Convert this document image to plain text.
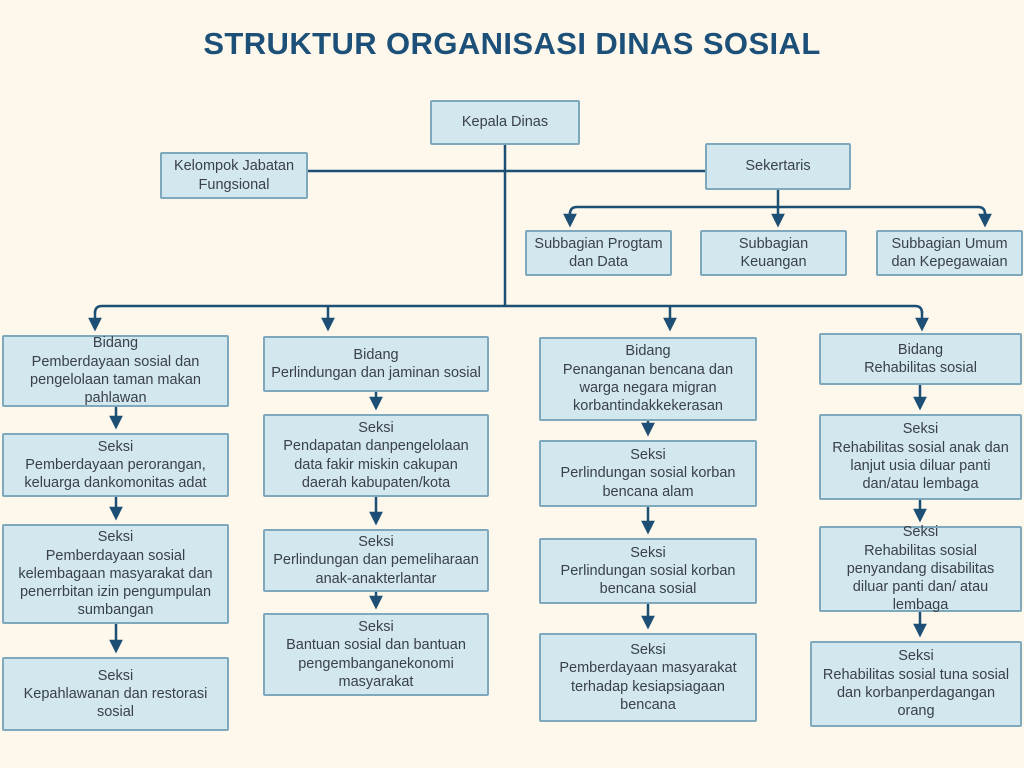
STRUKTUR ORGANISASI DINAS SOSIAL
Kepala Dinas
Kelompok Jabatan Fungsional
Sekertaris
Subbagian Progtam dan Data
Subbagian Keuangan
Subbagian Umum dan Kepegawaian
Bidang
Pemberdayaan sosial dan pengelolaan taman makan pahlawan
Seksi
Pemberdayaan perorangan, keluarga dankomonitas adat
Seksi
Pemberdayaan sosial kelembagaan masyarakat dan penerrbitan izin pengumpulan sumbangan
Seksi
Kepahlawanan dan restorasi sosial
Bidang
Perlindungan dan jaminan sosial
Seksi
Pendapatan danpengelolaan data fakir miskin cakupan daerah kabupaten/kota
Seksi
Perlindungan dan pemeliharaan anak-anakterlantar
Seksi
Bantuan sosial dan bantuan pengembanganekonomi masyarakat
Bidang
Penanganan bencana dan warga negara migran korbantindakkekerasan
Seksi
Perlindungan sosial korban bencana alam
Seksi
Perlindungan sosial korban bencana sosial
Seksi
Pemberdayaan masyarakat terhadap kesiapsiagaan bencana
Bidang
Rehabilitas sosial
Seksi
Rehabilitas sosial anak dan lanjut usia diluar panti dan/atau lembaga
Seksi
Rehabilitas sosial penyandang disabilitas diluar panti dan/ atau lembaga
Seksi
Rehabilitas sosial tuna sosial dan korbanperdagangan orang
